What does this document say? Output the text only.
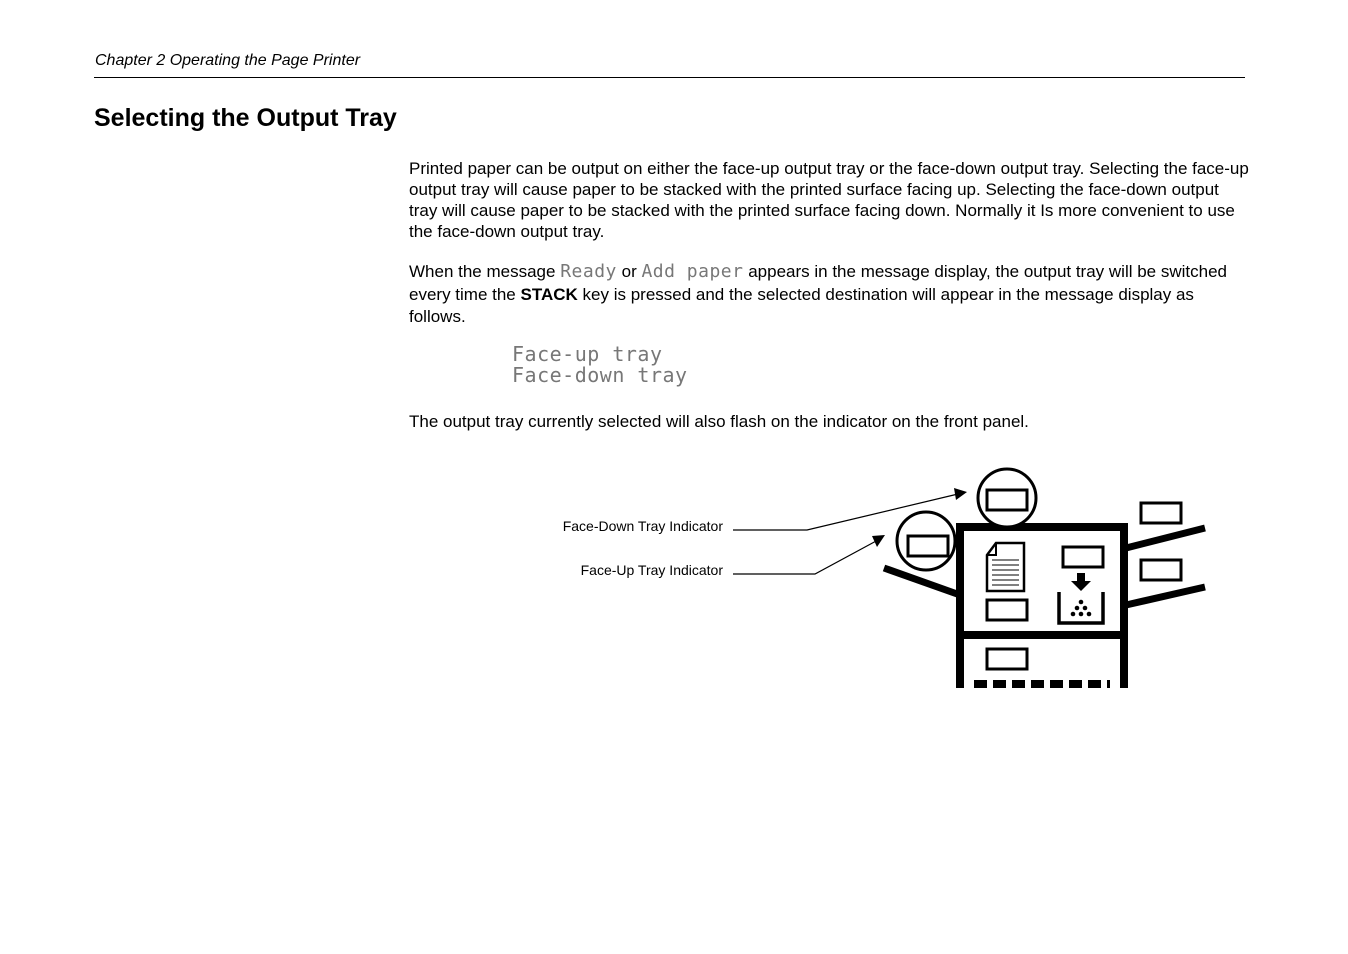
Chapter 2 Operating the Page Printer
Selecting the Output Tray

Printed paper can be output on either the face-up output tray or the face-down output tray. Selecting the face-up output tray will cause paper to be stacked with the printed surface facing up. Selecting the face-down output tray will cause paper to be stacked with the printed surface facing down. Normally it Is more convenient to use the face-down output tray.

When the message Ready or Add paper appears in the message display, the output tray will be switched every time the STACK key is pressed and the selected destination will appear in the message display as follows.

Face-up tray
Face-down tray

The output tray currently selected will also flash on the indicator on the front panel.

Face-Down Tray Indicator
Face-Up Tray Indicator
